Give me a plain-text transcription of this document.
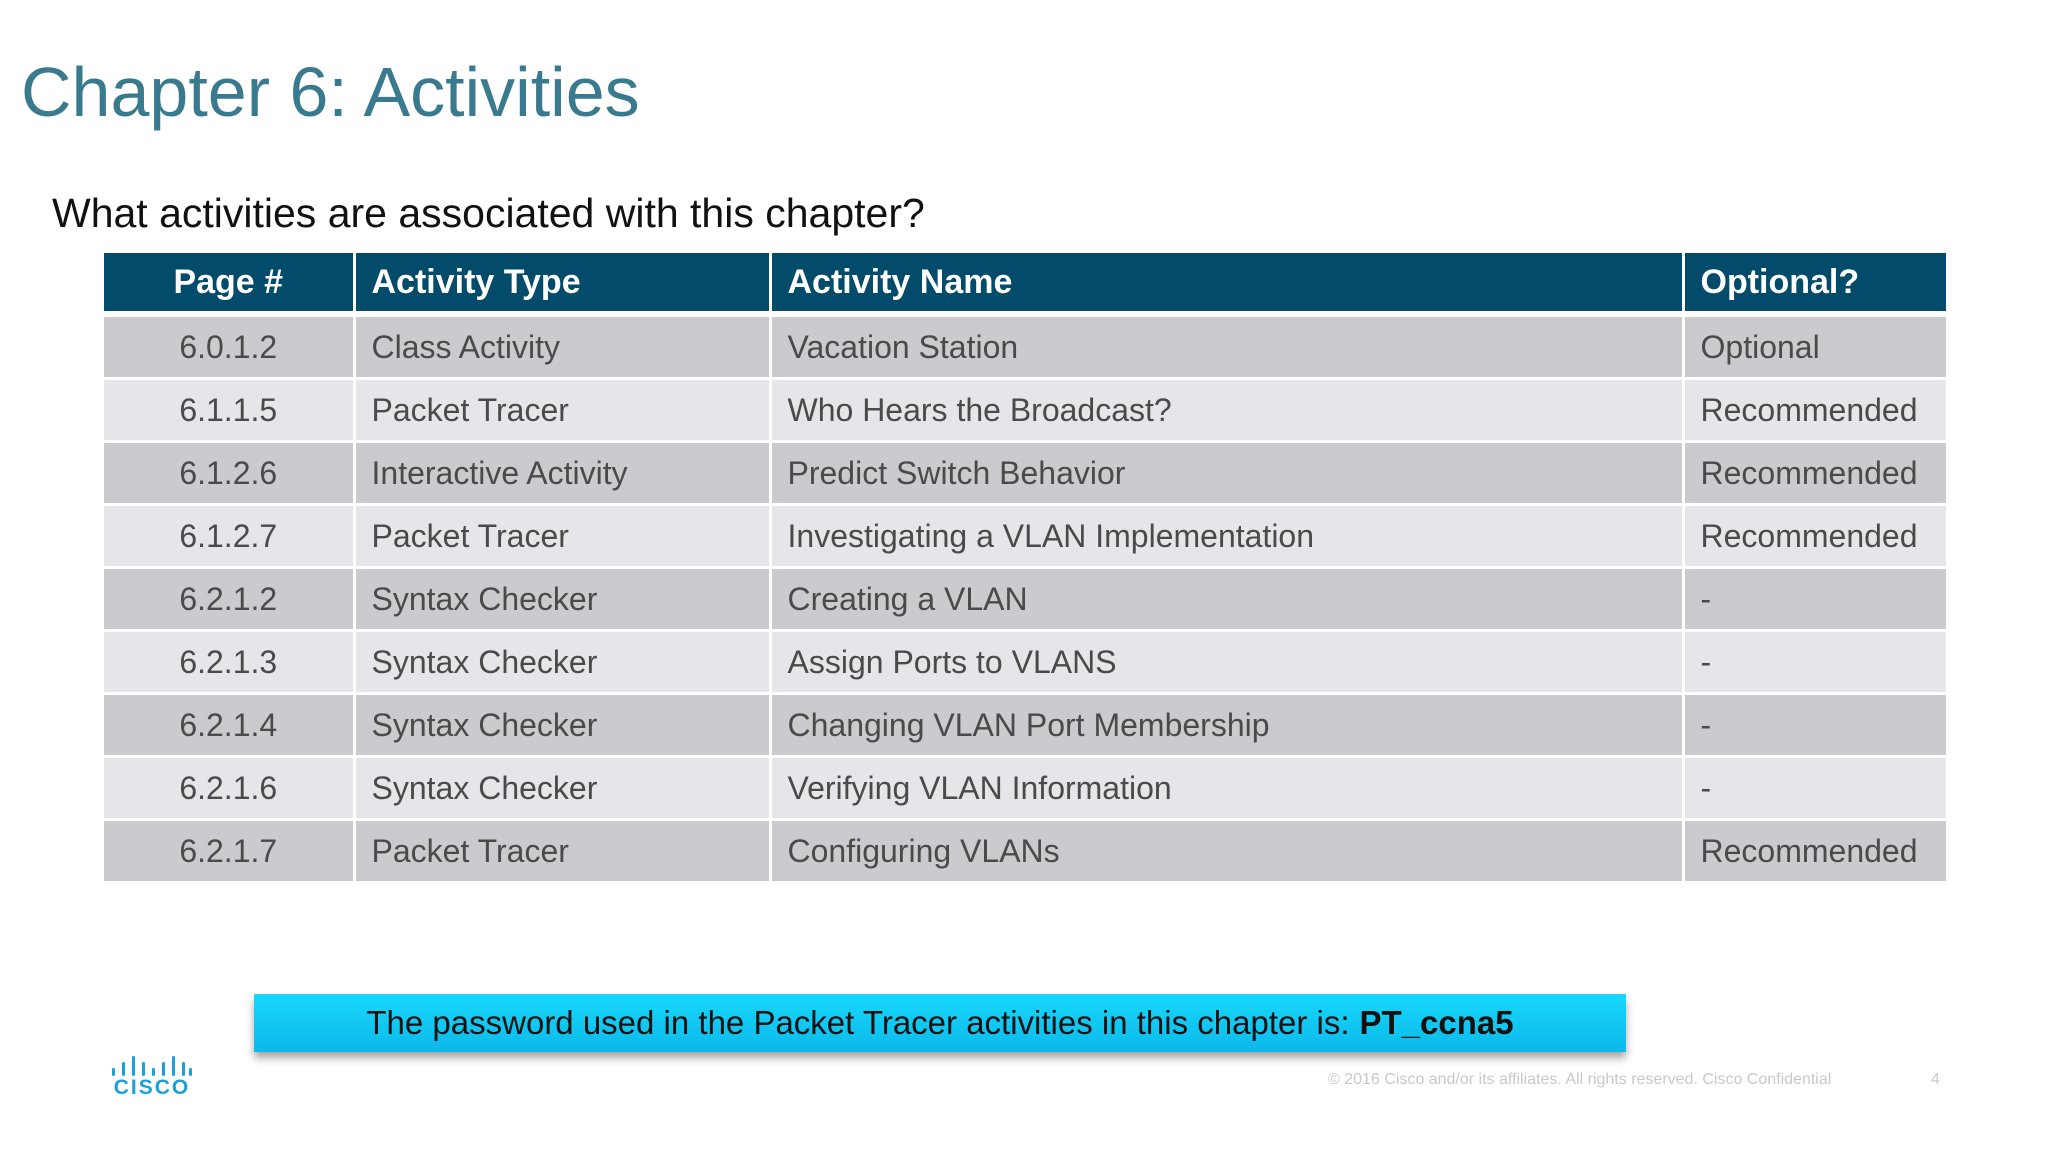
Chapter 6: Activities
What activities are associated with this chapter?
Page #	Activity Type	Activity Name	Optional?
6.0.1.2	Class Activity	Vacation Station	Optional
6.1.1.5	Packet Tracer	Who Hears the Broadcast?	Recommended
6.1.2.6	Interactive Activity	Predict Switch Behavior	Recommended
6.1.2.7	Packet Tracer	Investigating a VLAN Implementation	Recommended
6.2.1.2	Syntax Checker	Creating a VLAN	-
6.2.1.3	Syntax Checker	Assign Ports to VLANS	-
6.2.1.4	Syntax Checker	Changing VLAN Port Membership	-
6.2.1.6	Syntax Checker	Verifying VLAN Information	-
6.2.1.7	Packet Tracer	Configuring VLANs	Recommended
The password used in the Packet Tracer activities in this chapter is: PT_ccna5
CISCO	© 2016 Cisco and/or its affiliates. All rights reserved. Cisco Confidential	4
